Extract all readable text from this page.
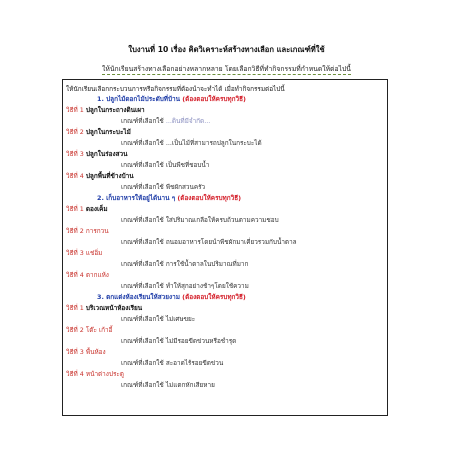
ใบงานที่ 10 เรื่อง คิดวิเคราะห์สร้างทางเลือก และเกณฑ์ที่ใช้
ให้นักเรียนสร้างทางเลือกอย่างหลากหลาย โดยเลือกวิธีที่ทำกิจกรรมที่กำหนดให้ต่อไปนี้
ให้นักเรียนเลือกกระบวนการหรือกิจกรรมที่ต้องนำจะทำได้ เมื่อทำกิจกรรมต่อไปนี้
1. ปลูกไม้ดอกไม้ประดับที่บ้าน (ต้องตอบให้ครบทุกวิธี)
วิธีที่ 1 ปลูกในกระถางดินเผา
เกณฑ์ที่เลือกใช้ ...ดินที่มีจำกัด...
วิธีที่ 2 ปลูกในกระบะไม้
เกณฑ์ที่เลือกใช้ ...เป็นไม้ที่สามารถปลูกในกระบะได้
วิธีที่ 3 ปลูกในร่องสวน
เกณฑ์ที่เลือกใช้ เป็นพืชที่ชอบน้ำ
วิธีที่ 4 ปลูกพื้นที่ข้างบ้าน
เกณฑ์ที่เลือกใช้ พืชผักสวนครัว
2. เก็บอาหารให้อยู่ได้นาน ๆ (ต้องตอบให้ครบทุกวิธี)
วิธีที่ 1 ดองเค็ม
เกณฑ์ที่เลือกใช้ ใส่ปริมาณเกลือให้ครบถ้วนตามความชอบ
วิธีที่ 2 การกวน
เกณฑ์ที่เลือกใช้ ถนอมอาหารโดยนำพืชผักมาเคี่ยวรวมกับน้ำตาล
วิธีที่ 3 แช่อิ่ม
เกณฑ์ที่เลือกใช้ การใช้น้ำตาลในปริมาณที่มาก
วิธีที่ 4 ตากแห้ง
เกณฑ์ที่เลือกใช้ ทำให้สุกอย่างช้าๆโดยใช้ความ
3. ตกแต่งห้องเรียนให้สวยงาม (ต้องตอบให้ครบทุกวิธี)
วิธีที่ 1 บริเวณหน้าห้องเรียน
เกณฑ์ที่เลือกใช้ ไม่เศษขยะ
วิธีที่ 2 โต๊ะ เก้าอี้
เกณฑ์ที่เลือกใช้ ไม่มีรอยขีดข่วนหรือชำรุด
วิธีที่ 3 พื้นห้อง
เกณฑ์ที่เลือกใช้ สะอาดไร้รอยขีดข่วน
วิธีที่ 4 หน้าต่างประตู
เกณฑ์ที่เลือกใช้ ไม่แตกหักเสียหาย
